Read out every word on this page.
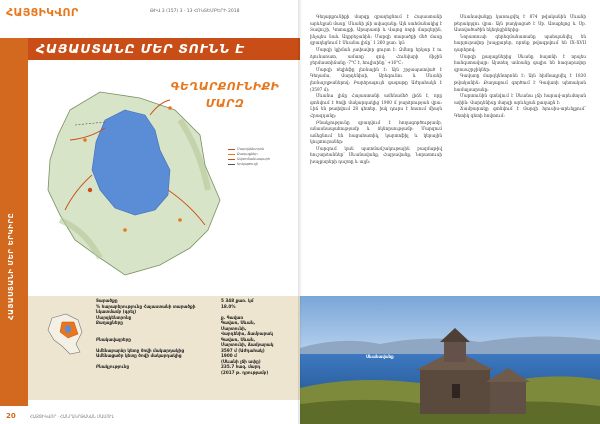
ՀԱՅՑԻԿՎՈՐ	ԹԻՎ 3 (157) 3 · 13 ՀՈԿՏԵՄԲԵՐԻ 2018
ՀԱՅԱՍՏԱՆԻ ՄԵՐ ԵՐԿԻՐԸ
ՀԱՅԱՍՏԱՆԸ ՄԵՐ ՏՈՒՆՆ Է
ԳԵՂԱՐՔՈՒՆԻՔԻ
ՄԱՐԶ
Մարզկենտրոն
Քաղաքներ
Ավտոճանապարհ
Երկաթուղի
Տարածքը	5 348 քառ. կմ
% հարաբերությունը Հայաստանի տարածքի նկատմամբ (գրել)
18.0%
Մարզկենտրոնը	ք. Գավառ
Քաղաքները	Գավառ, Սևան,
Մարտունի,
Վարդենիս, Ճամբարակ
Բնակավայրերը	Գավառ, Սևան,
Մարտունի, Ճամբարակ
Ամենաբարձր կետը ծովի մակարդակից	3597 մ (Աժդահակ)
Ամենացածր կետը ծովի մակարդակից	1900 մ
(Սևանի լճի ափը)
Բնակչությունը	235.7 հազ. մարդ
(2017 թ. դրությամբ)
20	ՀԱՅՑԻԿՎՈՐ · ՀԱՆՐԱԿՐԹԱԿԱՆ ՄԱՄՈՒԼ

Գեղարքունիքի մարզը զբաղեցնում է Հայաստանի արևելյան մասը՝ Սևանի լճի ավազանը: Այն սահմանակից է Տավուշի, Կոտայքի, Արարատի և Վայոց ձորի մարզերին, ինչպես նաև Ադրբեջանին: Մարզի տարածքի մեծ մասը զբաղեցնում է Սևանա լիճը՝ 1 260 քառ. կմ:

Մարզի կլիման չափավոր ցուրտ է: Ձմեռը երկար է ու ձյունառատ, ամառը՝ զով: Հունվարի միջին ջերմաստիճանը -7°C է, հուլիսինը՝ +16°C:

Մարզի ռելիեֆը լեռնային է: Այն շրջապատված է Գեղամա, Վարդենիսի, Արեգունու և Սևանի լեռնաշղթաներով: Բարձրագույն գագաթը Աժդահակն է (3597 մ):

Սևանա լիճը Հայաստանի ամենամեծ լիճն է, որը գտնվում է ծովի մակարդակից 1900 մ բարձրության վրա: Լիճ են թափվում 28 գետեր, իսկ դուրս է հոսում միայն Հրազդանը:

Բնակչությունը զբաղվում է հողագործությամբ, անասնապահությամբ և ձկնորսությամբ: Մարզում աճեցնում են հացահատիկ, կարտոֆիլ և կերային կուլտուրաներ:

Մարզում կան պատմամշակութային բազմաթիվ հուշարձաններ՝ Սևանավանք, Հայրավանք, Նորատուսի խաչքարերի դաշտը և այլն:

Սևանավանքը կառուցվել է 874 թվականին Սևանի թերակղզու վրա: Այն բաղկացած է Սբ. Առաքելոց և Սբ. Աստվածածին եկեղեցիներից:

Նորատուսի գերեզմանատանը պահպանվել են հարյուրավոր խաչքարեր, որոնք թվագրվում են IX–XVII դարերով:

Մարզի քաղաքներից Սևանը հայտնի է որպես հանգստավայր: Այստեղ ամռանը գալիս են հազարավոր զբոսաշրջիկներ:

Գավառը մարզկենտրոնն է: Այն հիմնադրվել է 1830 թվականին: Քաղաքում գործում է Գավառի պետական համալսարանը:

Մարտունին գտնվում է Սևանա լճի հարավ-արևմտյան ափին: Վարդենիսը մարզի արևելյան քաղաքն է:

Ճամբարակը գտնվում է մարզի հյուսիս-արևելքում՝ Գետիկ գետի հովտում:

Սևանավանք
